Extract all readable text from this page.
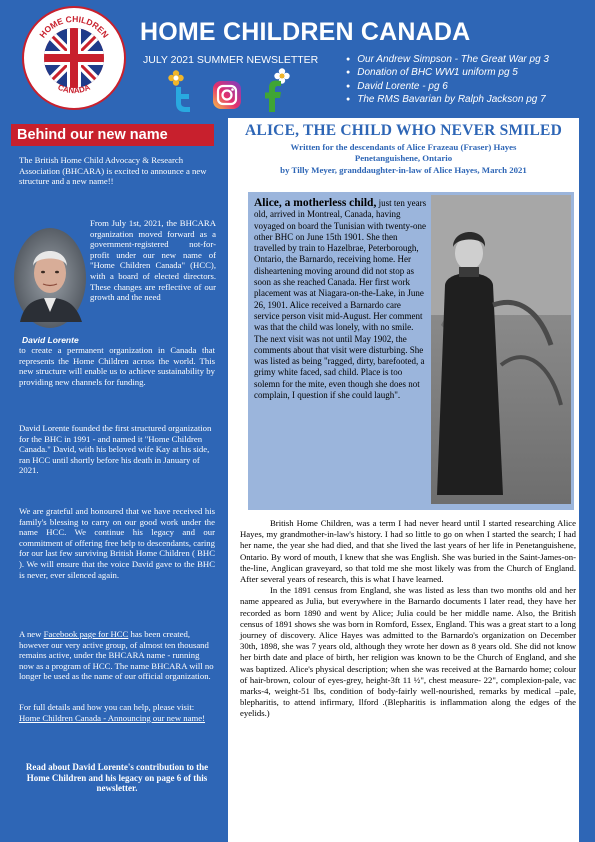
HOME CHILDREN
CANADA
HOME CHILDREN CANADA
JULY 2021 SUMMER NEWSLETTER
●	Our Andrew Simpson - The Great War pg 3
● Donation of BHC WW1 uniform pg 5
● David Lorente - pg 6
● The RMS Bavarian by Ralph Jackson pg 7
Behind our new name

The British Home Child Advocacy & Research Association (BHCARA) is excited to announce a new structure and a new name!!

David Lorente

From July 1st, 2021, the BHCARA organization moved forward as a government-registered not-for-profit under our new name of "Home Children Canada" (HCC), with a board of elected directors. These changes are reflective of our growth and the need

to create a permanent organization in Canada that represents the Home Children across the world. This new structure will enable us to achieve sustainability by providing new channels for funding.

David Lorente founded the first structured organization for the BHC in 1991 - and named it "Home Children Canada." David, with his beloved wife Kay at his side, ran HCC until shortly before his death in January of 2021.

We are grateful and honoured that we have received his family's blessing to carry on our good work under the name HCC. We continue his legacy and our commitment of offering free help to descendants, caring for our last few surviving British Home Children ( BHC ). We will ensure that the voice David gave to the BHC is never, ever silenced again.

A new Facebook page for HCC has been created, however our very active group, of almost ten thousand remains active, under the BHCARA name - running now as a program of HCC. The name BHCARA will no longer be used as the name of our official organization.

For full details and how you can help, please visit:
Home Children Canada - Announcing our new name!

Read about David Lorente's contribution to the Home Children and his legacy on page 6 of this newsletter.

ALICE, THE CHILD WHO NEVER SMILED
Written for the descendants of Alice Frazeau (Fraser) Hayes
Penetanguishene, Ontario
by Tilly Meyer, granddaughter-in-law of Alice Hayes, March 2021
Alice, a motherless child, just ten years old, arrived in Montreal, Canada, having voyaged on board the Tunisian with twenty-one other BHC on June 15th 1901. She then travelled by train to Hazelbrae, Peterborough, Ontario, the Barnardo, receiving home. Her disheartening moving around did not stop as soon as she reached Canada. Her first work placement was at Niagara-on-the-Lake, in June 26, 1901. Alice received a Barnardo care service person visit mid-August. Her comment was that the child was lonely, with no smile. The next visit was not until May 1902, the comments about that visit were disturbing. She was listed as being "ragged, dirty, barefooted, a grimy white faced, sad child. Place is too solemn for the mite, even though she does not complain, I question if she could laugh".

British Home Children, was a term I had never heard until I started researching Alice Hayes, my grandmother-in-law's history. I had so little to go on when I started the search; I had her name, the year she had died, and that she lived the last years of her life in Penetanguishene, Ontario. By word of mouth, I knew that she was English. She was buried in the Saint-James-on-the-line, Anglican graveyard, so that told me she most likely was from the Church of England. After several years of research, this is what I have learned.

In the 1891 census from England, she was listed as less than two months old and her name appeared as Julia, but everywhere in the Barnardo documents I later read, they have her recorded as born 1890 and went by Alice; Julia could be her middle name. Also, the British census of 1891 shows she was born in Romford, Essex, England. This was a great start to a long journey of discovery. Alice Hayes was admitted to the Barnardo's organization on December 30th, 1898, she was 7 years old, although they wrote her down as 8 years old. She did not know her birth date and place of birth, her religion was known to be the Church of England, and she was baptized. Alice's physical description; when she was received at the Barnardo home; colour of hair-brown, colour of eyes-grey, height-3ft 11 ½", chest measure- 22", complexion-pale, vac marks-4, weight-51 lbs, condition of body-fairly well-nourished, remarks by medical –pale, blepharitis, to attend infirmary, Ilford .(Blepharitis is inflammation along the edges of the eyelids.)
